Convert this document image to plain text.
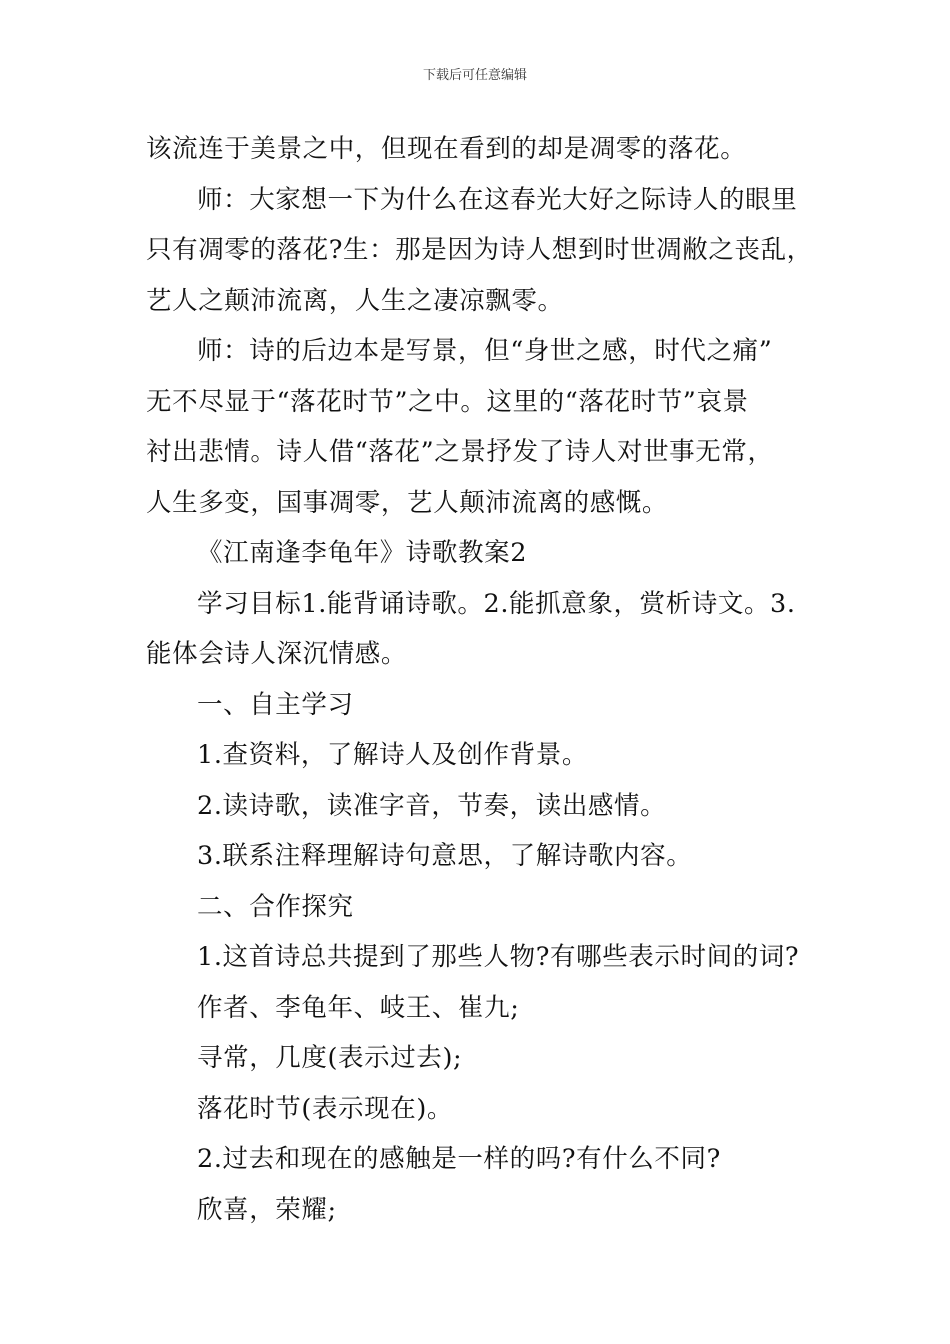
下载后可任意编辑
该流连于美景之中，但现在看到的却是凋零的落花。
师：大家想一下为什么在这春光大好之际诗人的眼里
只有凋零的落花?生：那是因为诗人想到时世凋敝之丧乱，
艺人之颠沛流离，人生之凄凉飘零。
师：诗的后边本是写景，但“身世之感，时代之痛”
无不尽显于“落花时节”之中。这里的“落花时节”哀景
衬出悲情。诗人借“落花”之景抒发了诗人对世事无常，
人生多变，国事凋零，艺人颠沛流离的感慨。
《江南逢李龟年》诗歌教案2
学习目标1.能背诵诗歌。2.能抓意象，赏析诗文。3.
能体会诗人深沉情感。
一、自主学习
1.查资料，了解诗人及创作背景。
2.读诗歌，读准字音，节奏，读出感情。
3.联系注释理解诗句意思，了解诗歌内容。
二、合作探究
1.这首诗总共提到了那些人物?有哪些表示时间的词?
作者、李龟年、岐王、崔九;
寻常，几度(表示过去);
落花时节(表示现在)。
2.过去和现在的感触是一样的吗?有什么不同?
欣喜，荣耀;
